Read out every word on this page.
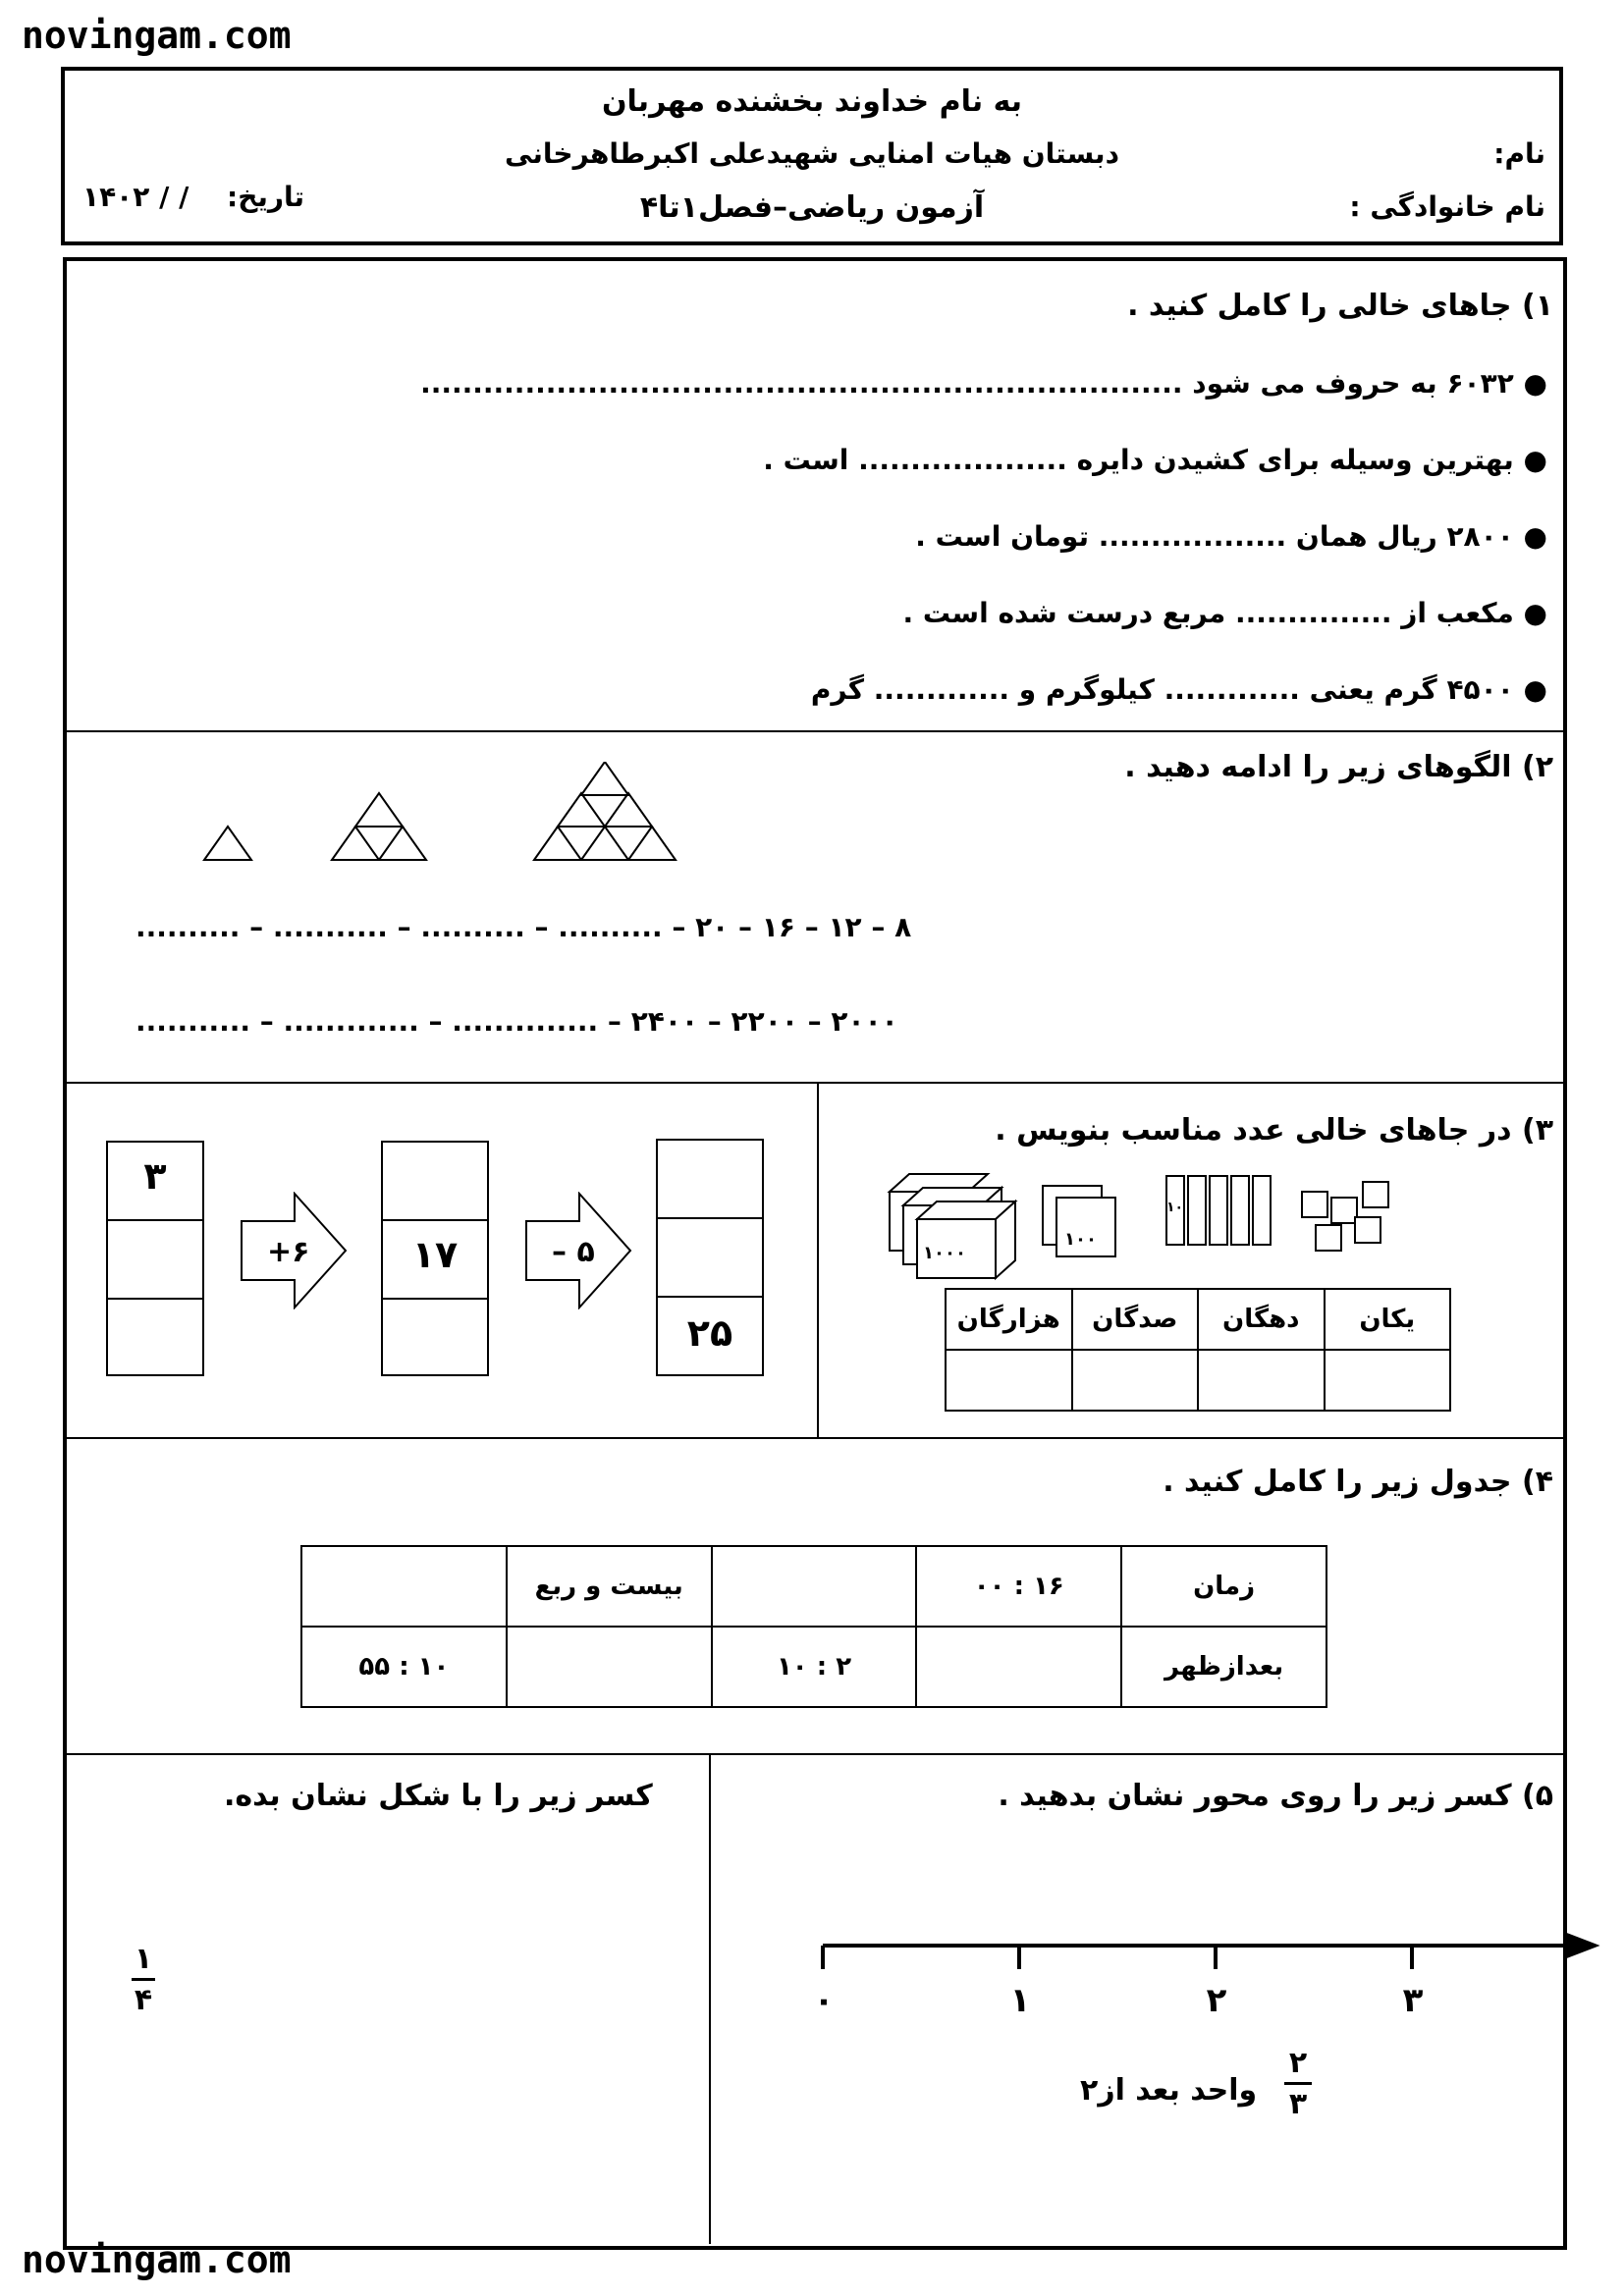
novingam.com
novingam.com
به نام خداوند بخشنده مهربان
دبستان هیات امنایی شهیدعلی اکبرطاهرخانی
آزمون ریاضی–فصل۱تا۴
نام:
نام خانوادگی :
تاریخ:
/ / ۱۴۰۲
۱) جاهای خالی را کامل کنید .
● ۶۰۳۲ به حروف می شود .........................................................................
● بهترین وسیله برای کشیدن دایره .................... است .
● ۲۸۰۰ ریال همان .................. تومان است .
● مکعب از ............... مربع درست شده است .
● ۴۵۰۰ گرم یعنی ............. کیلوگرم و ............. گرم
۲) الگوهای زیر را ادامه دهید .
۸ – ۱۲ – ۱۶ – ۲۰ – .......... – .......... – ........... – ..........
۲۰۰۰ – ۲۲۰۰ – ۲۴۰۰ – .............. – ............. – ...........
۳
+۶	۱۷	– ۵
۲۵
۳) در جاهای خالی عدد مناسب بنویس .
۱۰۰۰
۱۰۰
۱۰
یکان	دهگان	صدگان	هزارگان

۴) جدول زیر را کامل کنید .
زمان	۱۶ : ۰۰		بیست و ربع	
بعدازظهر		۲ : ۱۰		۱۰ : ۵۵
۵) کسر زیر را روی محور نشان بدهید .
۰	۱	۲	۳
۲
۳
واحد بعد از۲
کسر زیر را با شکل نشان بده.
۱
۴
